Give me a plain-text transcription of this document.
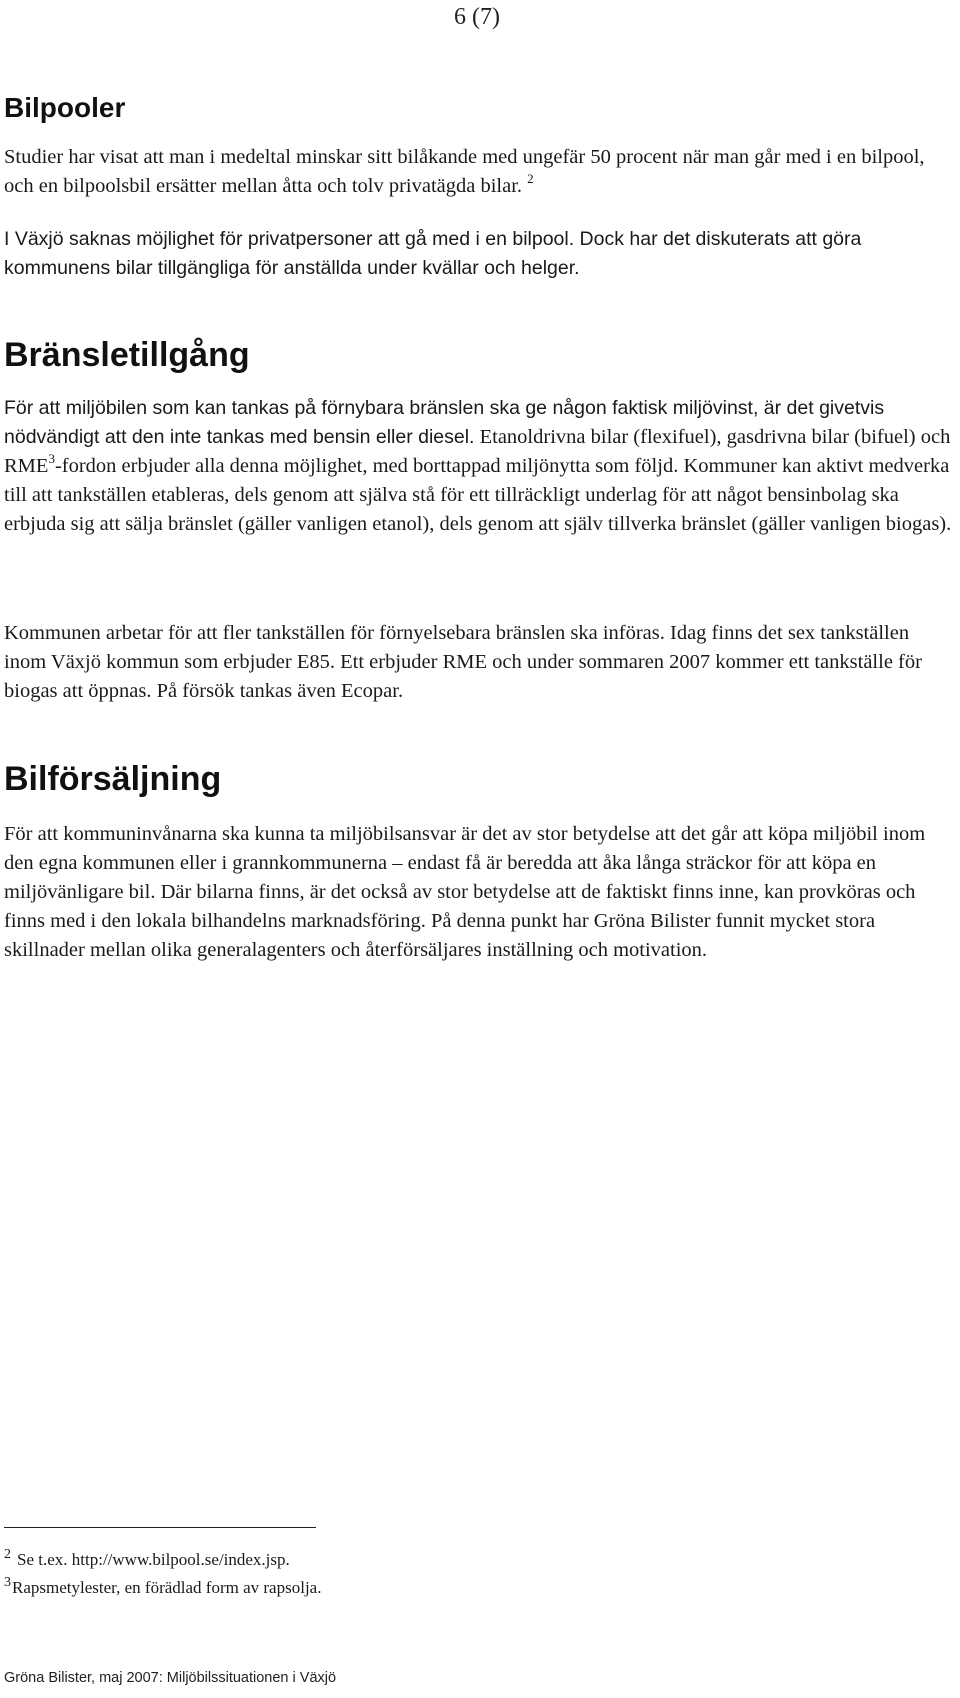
6 (7)
Bilpooler

Studier har visat att man i medeltal minskar sitt bilåkande med ungefär 50 procent när man går med i en bilpool, och en bilpoolsbil ersätter mellan åtta och tolv privatägda bilar. $^2$

I Växjö saknas möjlighet för privatpersoner att gå med i en bilpool. Dock har det diskuterats att göra kommunens bilar tillgängliga för anställda under kvällar och helger.

Bränsletillgång

För att miljöbilen som kan tankas på förnybara bränslen ska ge någon faktisk miljövinst, är det givetvis nödvändigt att den inte tankas med bensin eller diesel. Etanoldrivna bilar (flexifuel), gasdrivna bilar (bifuel) och RME$^3$-fordon erbjuder alla denna möjlighet, med borttappad miljönytta som följd. Kommuner kan aktivt medverka till att tankställen etableras, dels genom att själva stå för ett tillräckligt underlag för att något bensinbolag ska erbjuda sig att sälja bränslet (gäller vanligen etanol), dels genom att själv tillverka bränslet (gäller vanligen biogas).

Kommunen arbetar för att fler tankställen för förnyelsebara bränslen ska införas. Idag finns det sex tankställen inom Växjö kommun som erbjuder E85. Ett erbjuder RME och under sommaren 2007 kommer ett tankställe för biogas att öppnas. På försök tankas även Ecopar.

Bilförsäljning

För att kommuninvånarna ska kunna ta miljöbilsansvar är det av stor betydelse att det går att köpa miljöbil inom den egna kommunen eller i grannkommunerna – endast få är beredda att åka långa sträckor för att köpa en miljövänligare bil. Där bilarna finns, är det också av stor betydelse att de faktiskt finns inne, kan provköras och finns med i den lokala bilhandelns marknadsföring. På denna punkt har Gröna Bilister funnit mycket stora skillnader mellan olika generalagenters och återförsäljares inställning och motivation.

$^2$ Se t.ex. http://www.bilpool.se/index.jsp.

$^3$Rapsmetylester, en förädlad form av rapsolja.

Gröna Bilister, maj 2007: Miljöbilssituationen i Växjö
